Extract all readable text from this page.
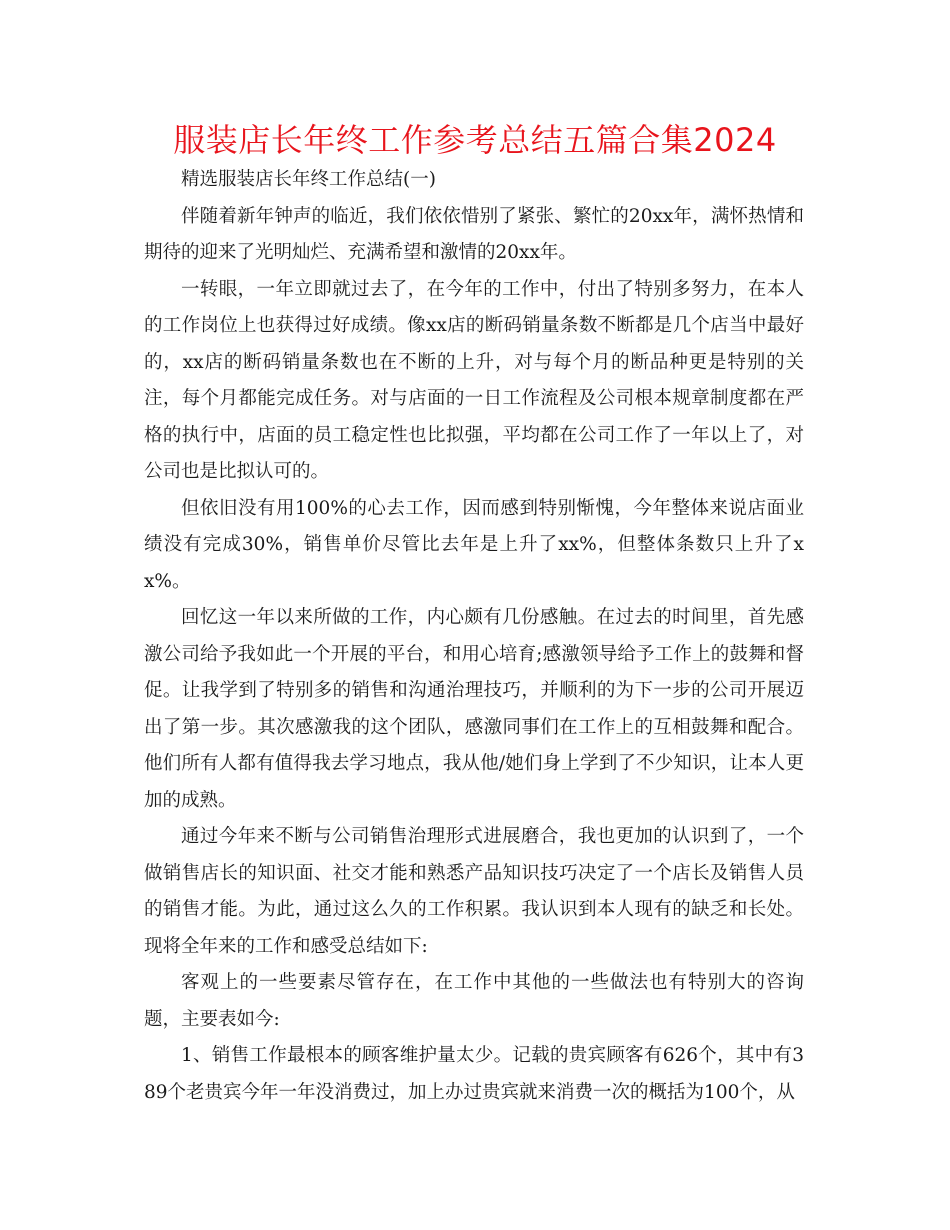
服装店长年终工作参考总结五篇合集2024

精选服装店长年终工作总结(一)

伴随着新年钟声的临近，我们依依惜别了紧张、繁忙的20xx年，满怀热情和期待的迎来了光明灿烂、充满希望和激情的20xx年。

一转眼，一年立即就过去了，在今年的工作中，付出了特别多努力，在本人的工作岗位上也获得过好成绩。像xx店的断码销量条数不断都是几个店当中最好的，xx店的断码销量条数也在不断的上升，对与每个月的断品种更是特别的关注，每个月都能完成任务。对与店面的一日工作流程及公司根本规章制度都在严格的执行中，店面的员工稳定性也比拟强，平均都在公司工作了一年以上了，对公司也是比拟认可的。

但依旧没有用100%的心去工作，因而感到特别惭愧，今年整体来说店面业绩没有完成30%，销售单价尽管比去年是上升了xx%，但整体条数只上升了xx%。

回忆这一年以来所做的工作，内心颇有几份感触。在过去的时间里，首先感激公司给予我如此一个开展的平台，和用心培育;感激领导给予工作上的鼓舞和督促。让我学到了特别多的销售和沟通治理技巧，并顺利的为下一步的公司开展迈出了第一步。其次感激我的这个团队，感激同事们在工作上的互相鼓舞和配合。他们所有人都有值得我去学习地点，我从他/她们身上学到了不少知识，让本人更加的成熟。

通过今年来不断与公司销售治理形式进展磨合，我也更加的认识到了，一个做销售店长的知识面、社交才能和熟悉产品知识技巧决定了一个店长及销售人员的销售才能。为此，通过这么久的工作积累。我认识到本人现有的缺乏和长处。现将全年来的工作和感受总结如下:

客观上的一些要素尽管存在，在工作中其他的一些做法也有特别大的咨询题，主要表如今:

1、销售工作最根本的顾客维护量太少。记载的贵宾顾客有626个，其中有389个老贵宾今年一年没消费过，加上办过贵宾就来消费一次的概括为100个，从
